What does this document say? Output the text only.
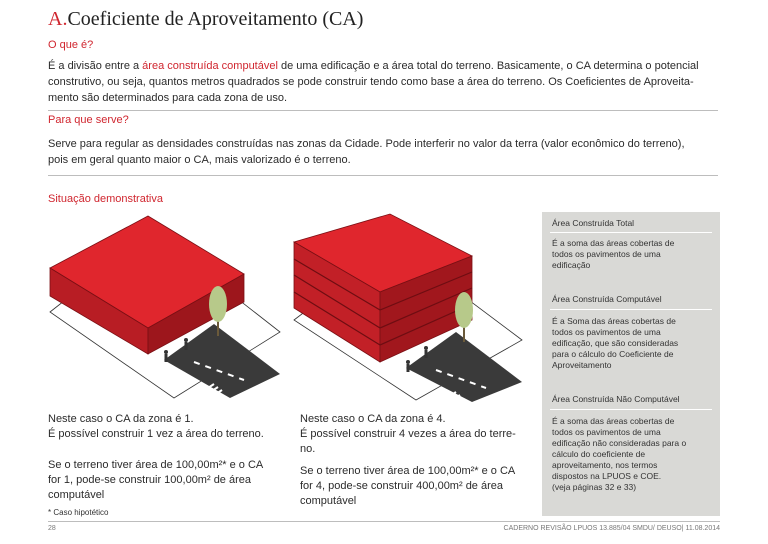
A.Coeficiente de Aproveitamento (CA)
O que é?
É a divisão entre a área construída computável de uma edificação e a área total do terreno. Basicamente, o CA determina o potencial
construtivo, ou seja, quantos metros quadrados se pode construir tendo como base a área do terreno. Os Coeficientes de Aproveita-
mento são determinados para cada zona de uso.
Para que serve?
Serve para regular as densidades construídas nas zonas da Cidade. Pode interferir no valor da terra (valor econômico do terreno),
pois em geral quanto maior o CA, mais valorizado é o terreno.
Situação demonstrativa
Neste caso o CA da zona é 1.
É possível construir 1 vez a área do terreno.
Se o terreno tiver área de 100,00m²* e o CA
for 1, pode-se construir 100,00m² de área
computável
* Caso hipotético
Neste caso o CA da zona é 4.
É possível construir 4 vezes a área do terre-
no.
Se o terreno tiver área de 100,00m²* e o CA
for 4, pode-se construir 400,00m² de área
computável
Área Construída Total
É a soma das áreas cobertas de
todos os pavimentos de uma
edificação
Área Construída Computável
É a Soma das áreas cobertas de
todos os pavimentos de uma
edificação, que são consideradas
para o cálculo do Coeficiente de
Aproveitamento
Área Construída Não Computável
É a soma das áreas cobertas de
todos os pavimentos de uma
edificação não consideradas para o
cálculo do coeficiente de
aproveitamento, nos termos
dispostos na LPUOS e COE.
(veja páginas 32 e 33)
28	CADERNO REVISÃO LPUOS 13.885/04 SMDU/ DEUSO| 11.08.2014
